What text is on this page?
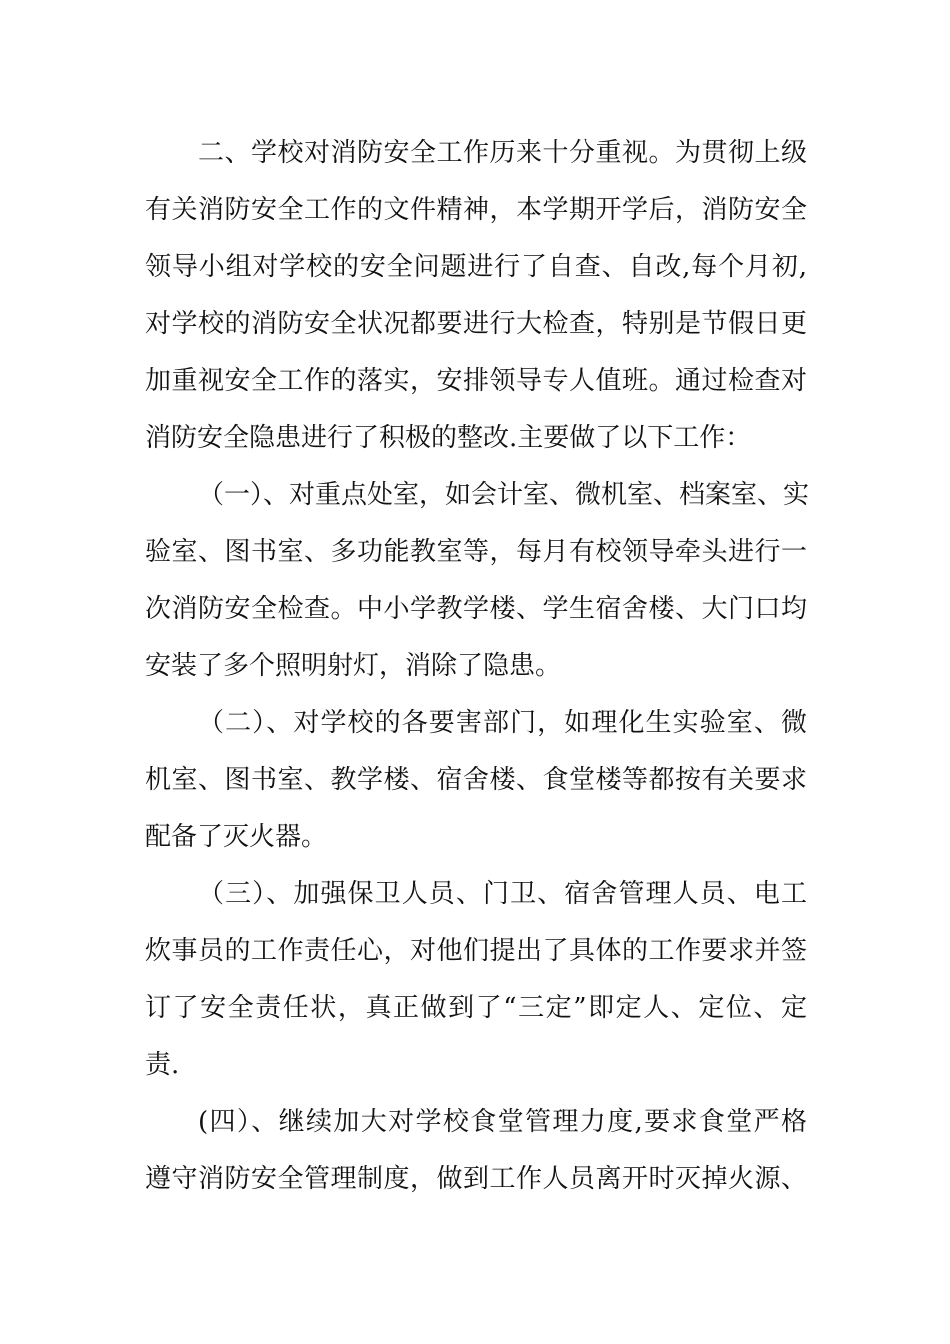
二、学校对消防安全工作历来十分重视。为贯彻上级
有关消防安全工作的文件精神，本学期开学后，消防安全
领导小组对学校的安全问题进行了自查、自改,每个月初,
对学校的消防安全状况都要进行大检查，特别是节假日更
加重视安全工作的落实，安排领导专人值班。通过检查对
消防安全隐患进行了积极的整改.主要做了以下工作：
（一）、对重点处室，如会计室、微机室、档案室、实
验室、图书室、多功能教室等，每月有校领导牵头进行一
次消防安全检查。中小学教学楼、学生宿舍楼、大门口均
安装了多个照明射灯，消除了隐患。
（二）、对学校的各要害部门，如理化生实验室、微
机室、图书室、教学楼、宿舍楼、食堂楼等都按有关要求
配备了灭火器。
（三）、加强保卫人员、门卫、宿舍管理人员、电工
炊事员的工作责任心，对他们提出了具体的工作要求并签
订了安全责任状，真正做到了“三定”即定人、定位、定
责.
(四）、继续加大对学校食堂管理力度,要求食堂严格
遵守消防安全管理制度，做到工作人员离开时灭掉火源、
